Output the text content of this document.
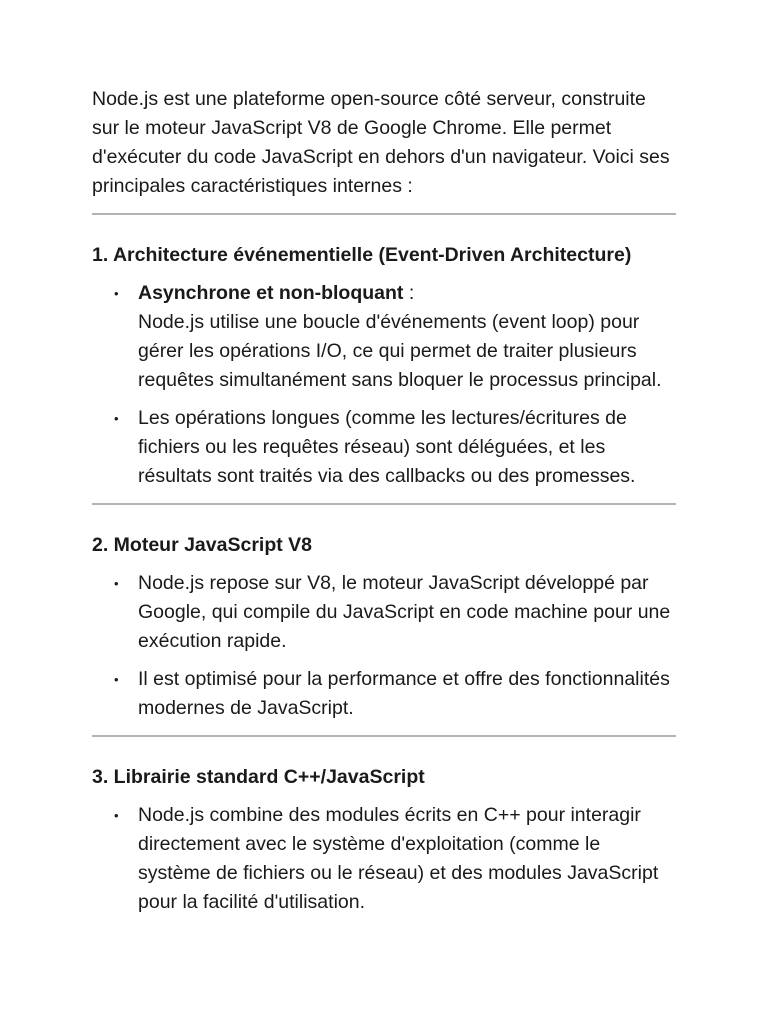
Node.js est une plateforme open-source côté serveur, construite sur le moteur JavaScript V8 de Google Chrome. Elle permet d'exécuter du code JavaScript en dehors d'un navigateur. Voici ses principales caractéristiques internes :

1. Architecture événementielle (Event-Driven Architecture)
• Asynchrone et non-bloquant :
Node.js utilise une boucle d'événements (event loop) pour gérer les opérations I/O, ce qui permet de traiter plusieurs requêtes simultanément sans bloquer le processus principal.
• Les opérations longues (comme les lectures/écritures de fichiers ou les requêtes réseau) sont déléguées, et les résultats sont traités via des callbacks ou des promesses.
2. Moteur JavaScript V8
• Node.js repose sur V8, le moteur JavaScript développé par Google, qui compile du JavaScript en code machine pour une exécution rapide.
• Il est optimisé pour la performance et offre des fonctionnalités modernes de JavaScript.
3. Librairie standard C++/JavaScript
• Node.js combine des modules écrits en C++ pour interagir directement avec le système d'exploitation (comme le système de fichiers ou le réseau) et des modules JavaScript pour la facilité d'utilisation.
